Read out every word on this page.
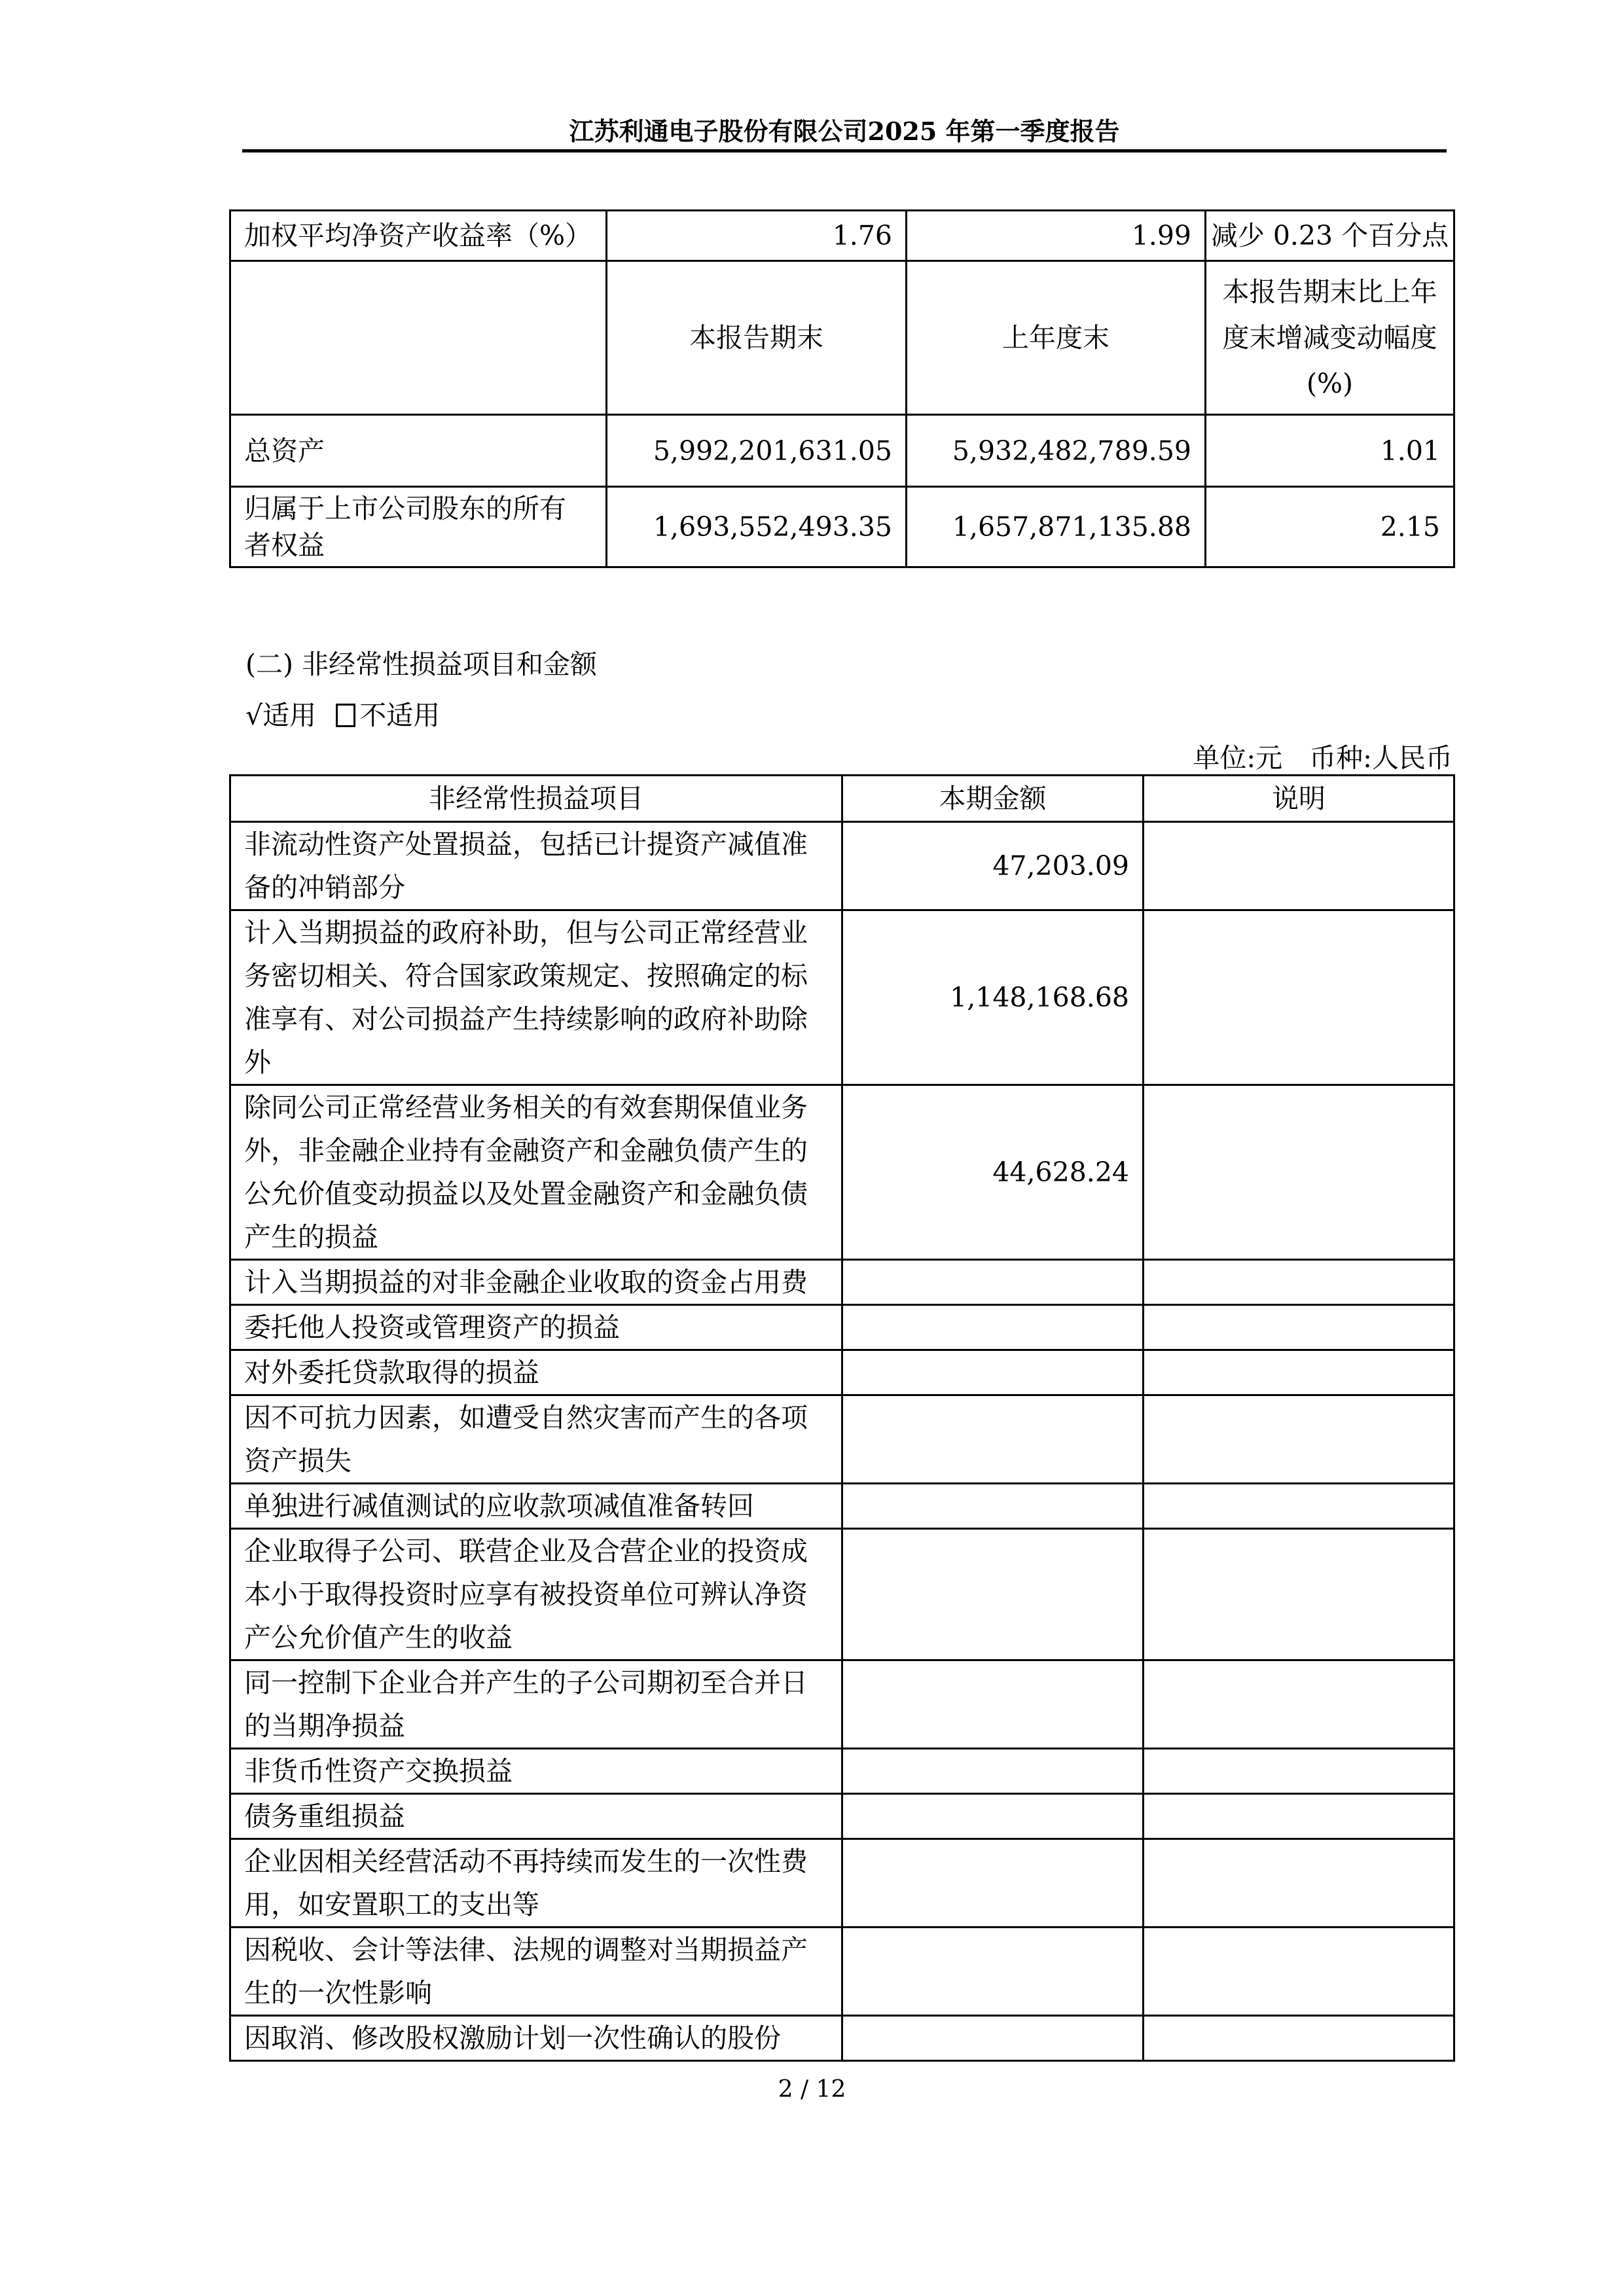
江苏利通电子股份有限公司2025 年第一季度报告
加权平均净资产收益率（%）	1.76	1.99	减少 0.23 个百分点
	本报告期末	上年度末	本报告期末比上年度末增减变动幅度(%)
总资产	5,992,201,631.05	5,932,482,789.59	1.01
归属于上市公司股东的所有者权益	1,693,552,493.35	1,657,871,135.88	2.15
(二) 非经常性损益项目和金额
√适用 不适用
单位:元　币种:人民币
非经常性损益项目	本期金额	说明
非流动性资产处置损益，包括已计提资产减值准备的冲销部分	47,203.09	
计入当期损益的政府补助，但与公司正常经营业务密切相关、符合国家政策规定、按照确定的标准享有、对公司损益产生持续影响的政府补助除外	1,148,168.68	
除同公司正常经营业务相关的有效套期保值业务外，非金融企业持有金融资产和金融负债产生的公允价值变动损益以及处置金融资产和金融负债产生的损益	44,628.24	
计入当期损益的对非金融企业收取的资金占用费		
委托他人投资或管理资产的损益		
对外委托贷款取得的损益		
因不可抗力因素，如遭受自然灾害而产生的各项资产损失		
单独进行减值测试的应收款项减值准备转回		
企业取得子公司、联营企业及合营企业的投资成本小于取得投资时应享有被投资单位可辨认净资产公允价值产生的收益		
同一控制下企业合并产生的子公司期初至合并日的当期净损益		
非货币性资产交换损益		
债务重组损益		
企业因相关经营活动不再持续而发生的一次性费用，如安置职工的支出等		
因税收、会计等法律、法规的调整对当期损益产生的一次性影响		
因取消、修改股权激励计划一次性确认的股份		
2 / 12
